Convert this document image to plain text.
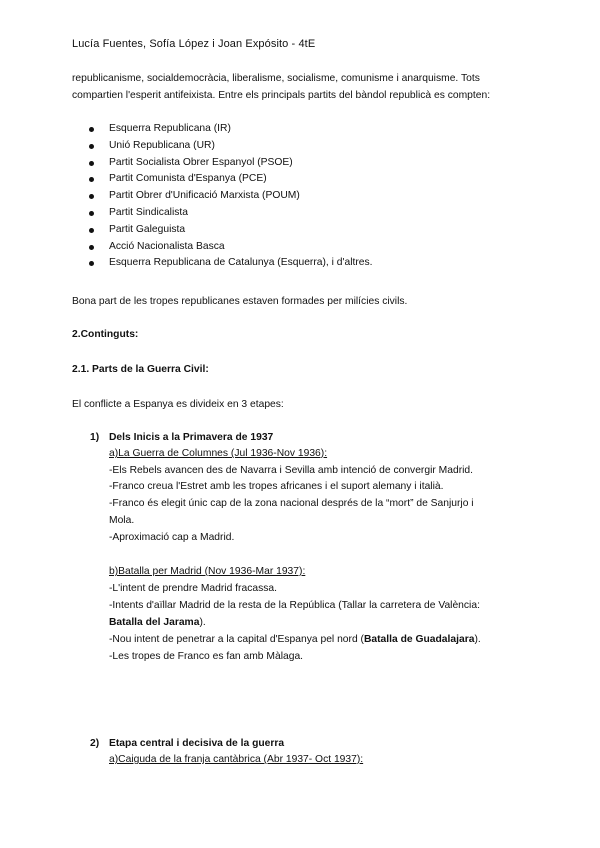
Lucía Fuentes, Sofía López i Joan Expósito - 4tE
republicanisme, socialdemocràcia, liberalisme, socialisme, comunisme i anarquisme. Tots
compartien l'esperit antifeixista. Entre els principals partits del bàndol republicà es compten:
Esquerra Republicana (IR)
Unió Republicana (UR)
Partit Socialista Obrer Espanyol (PSOE)
Partit Comunista d'Espanya (PCE)
Partit Obrer d'Unificació Marxista (POUM)
Partit Sindicalista
Partit Galeguista
Acció Nacionalista Basca
Esquerra Republicana de Catalunya (Esquerra), i d'altres.
Bona part de les tropes republicanes estaven formades per milícies civils.
2.Continguts:
2.1. Parts de la Guerra Civil:
El conflicte a Espanya es divideix en 3 etapes:
1) Dels Inicis a la Primavera de 1937
a)La Guerra de Columnes (Jul 1936-Nov 1936):
-Els Rebels avancen des de Navarra i Sevilla amb intenció de convergir Madrid.
-Franco creua l'Estret amb les tropes africanes i el suport alemany i italià.
-Franco és elegit únic cap de la zona nacional després de la “mort” de Sanjurjo i
Mola.
-Aproximació cap a Madrid.
b)Batalla per Madrid (Nov 1936-Mar 1937):
-L'intent de prendre Madrid fracassa.
-Intents d'aïllar Madrid de la resta de la República (Tallar la carretera de València:
Batalla del Jarama).
-Nou intent de penetrar a la capital d'Espanya pel nord (Batalla de Guadalajara).
-Les tropes de Franco es fan amb Màlaga.
2) Etapa central i decisiva de la guerra
a)Caiguda de la franja cantàbrica (Abr 1937- Oct 1937):
